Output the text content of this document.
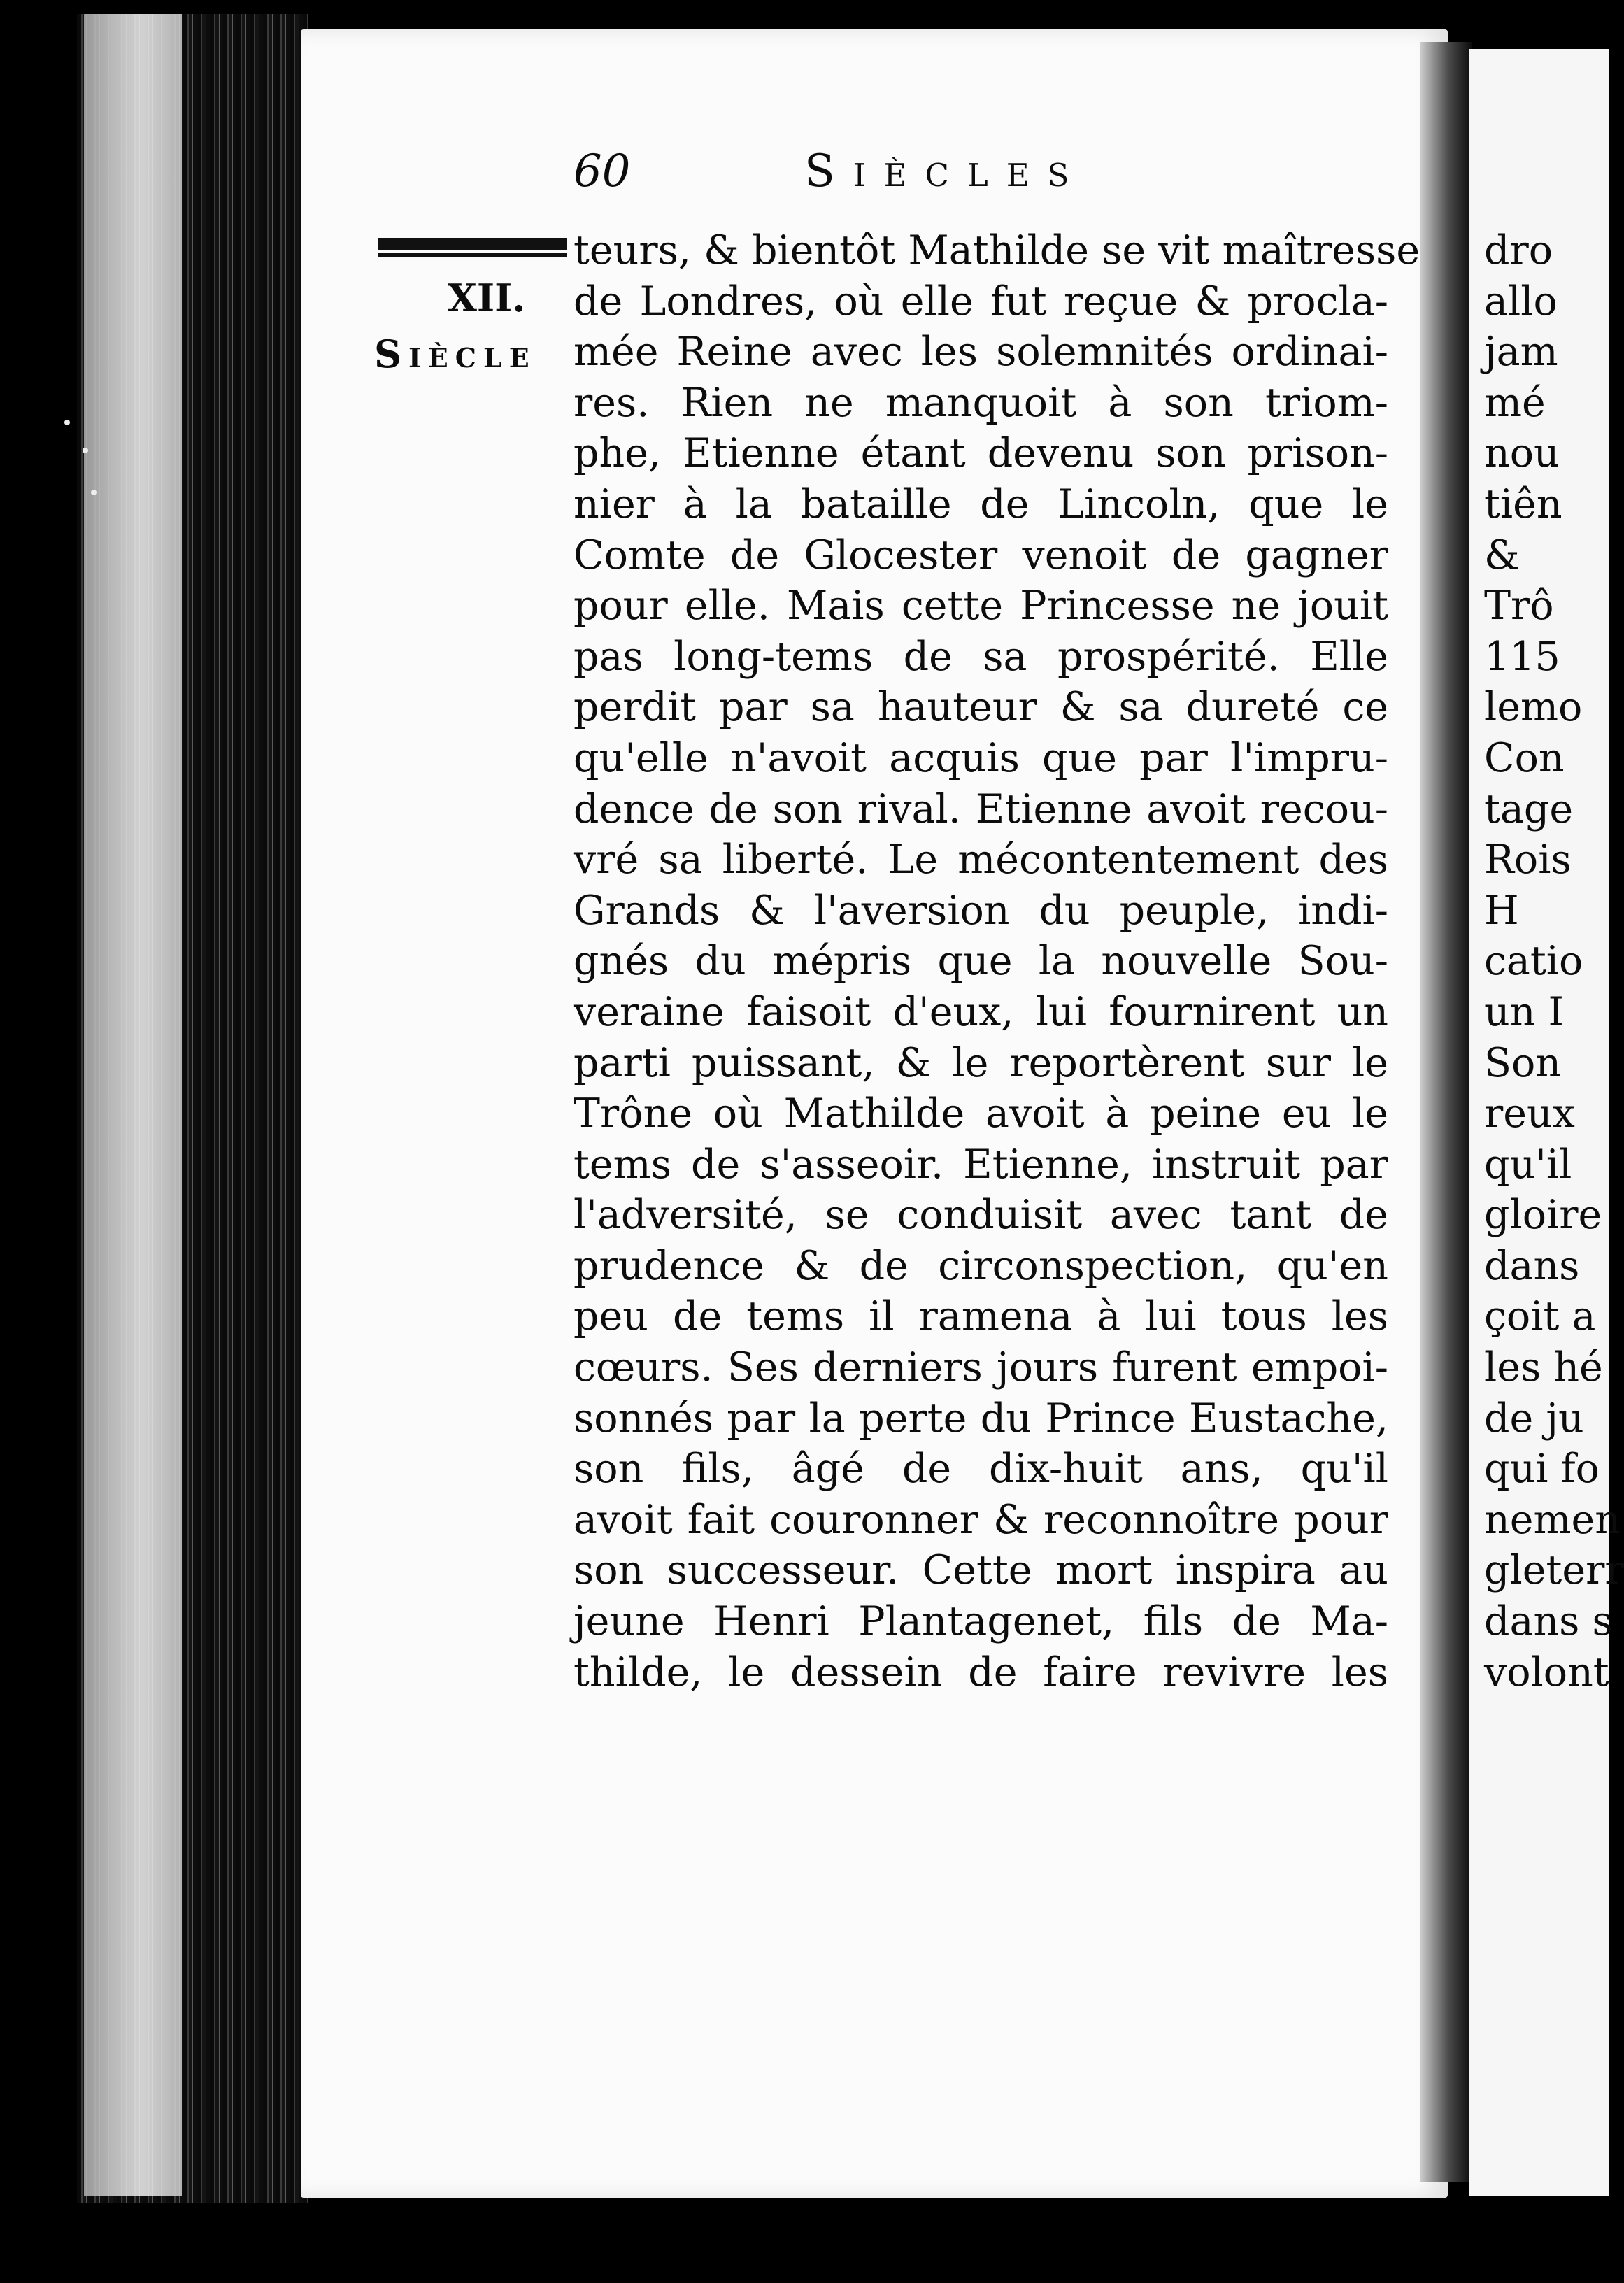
60	Siècles
XII.
Siècle
teurs, & bientôt Mathilde se vit maîtresse
de Londres, où elle fut reçue & procla-
mée Reine avec les solemnités ordinai-
res. Rien ne manquoit à son triom-
phe, Etienne étant devenu son prison-
nier à la bataille de Lincoln, que le
Comte de Glocester venoit de gagner
pour elle. Mais cette Princesse ne jouit
pas long-tems de sa prospérité. Elle
perdit par sa hauteur & sa dureté ce
qu'elle n'avoit acquis que par l'impru-
dence de son rival. Etienne avoit recou-
vré sa liberté. Le mécontentement des
Grands & l'aversion du peuple, indi-
gnés du mépris que la nouvelle Sou-
veraine faisoit d'eux, lui fournirent un
parti puissant, & le reportèrent sur le
Trône où Mathilde avoit à peine eu le
tems de s'asseoir. Etienne, instruit par
l'adversité, se conduisit avec tant de
prudence & de circonspection, qu'en
peu de tems il ramena à lui tous les
cœurs. Ses derniers jours furent empoi-
sonnés par la perte du Prince Eustache,
son fils, âgé de dix-huit ans, qu'il
avoit fait couronner & reconnoître pour
son successeur. Cette mort inspira au
jeune Henri Plantagenet, fils de Ma-
thilde, le dessein de faire revivre les
dro
allo
jam
mé
nou
tiên
&
Trô
115
lemo
Con
tage
Rois
H
catio
un I
Son
reux
qu'il
gloire
dans
çoit a
les hé
de ju
qui fo
nemen
gleterr
dans s
volont
